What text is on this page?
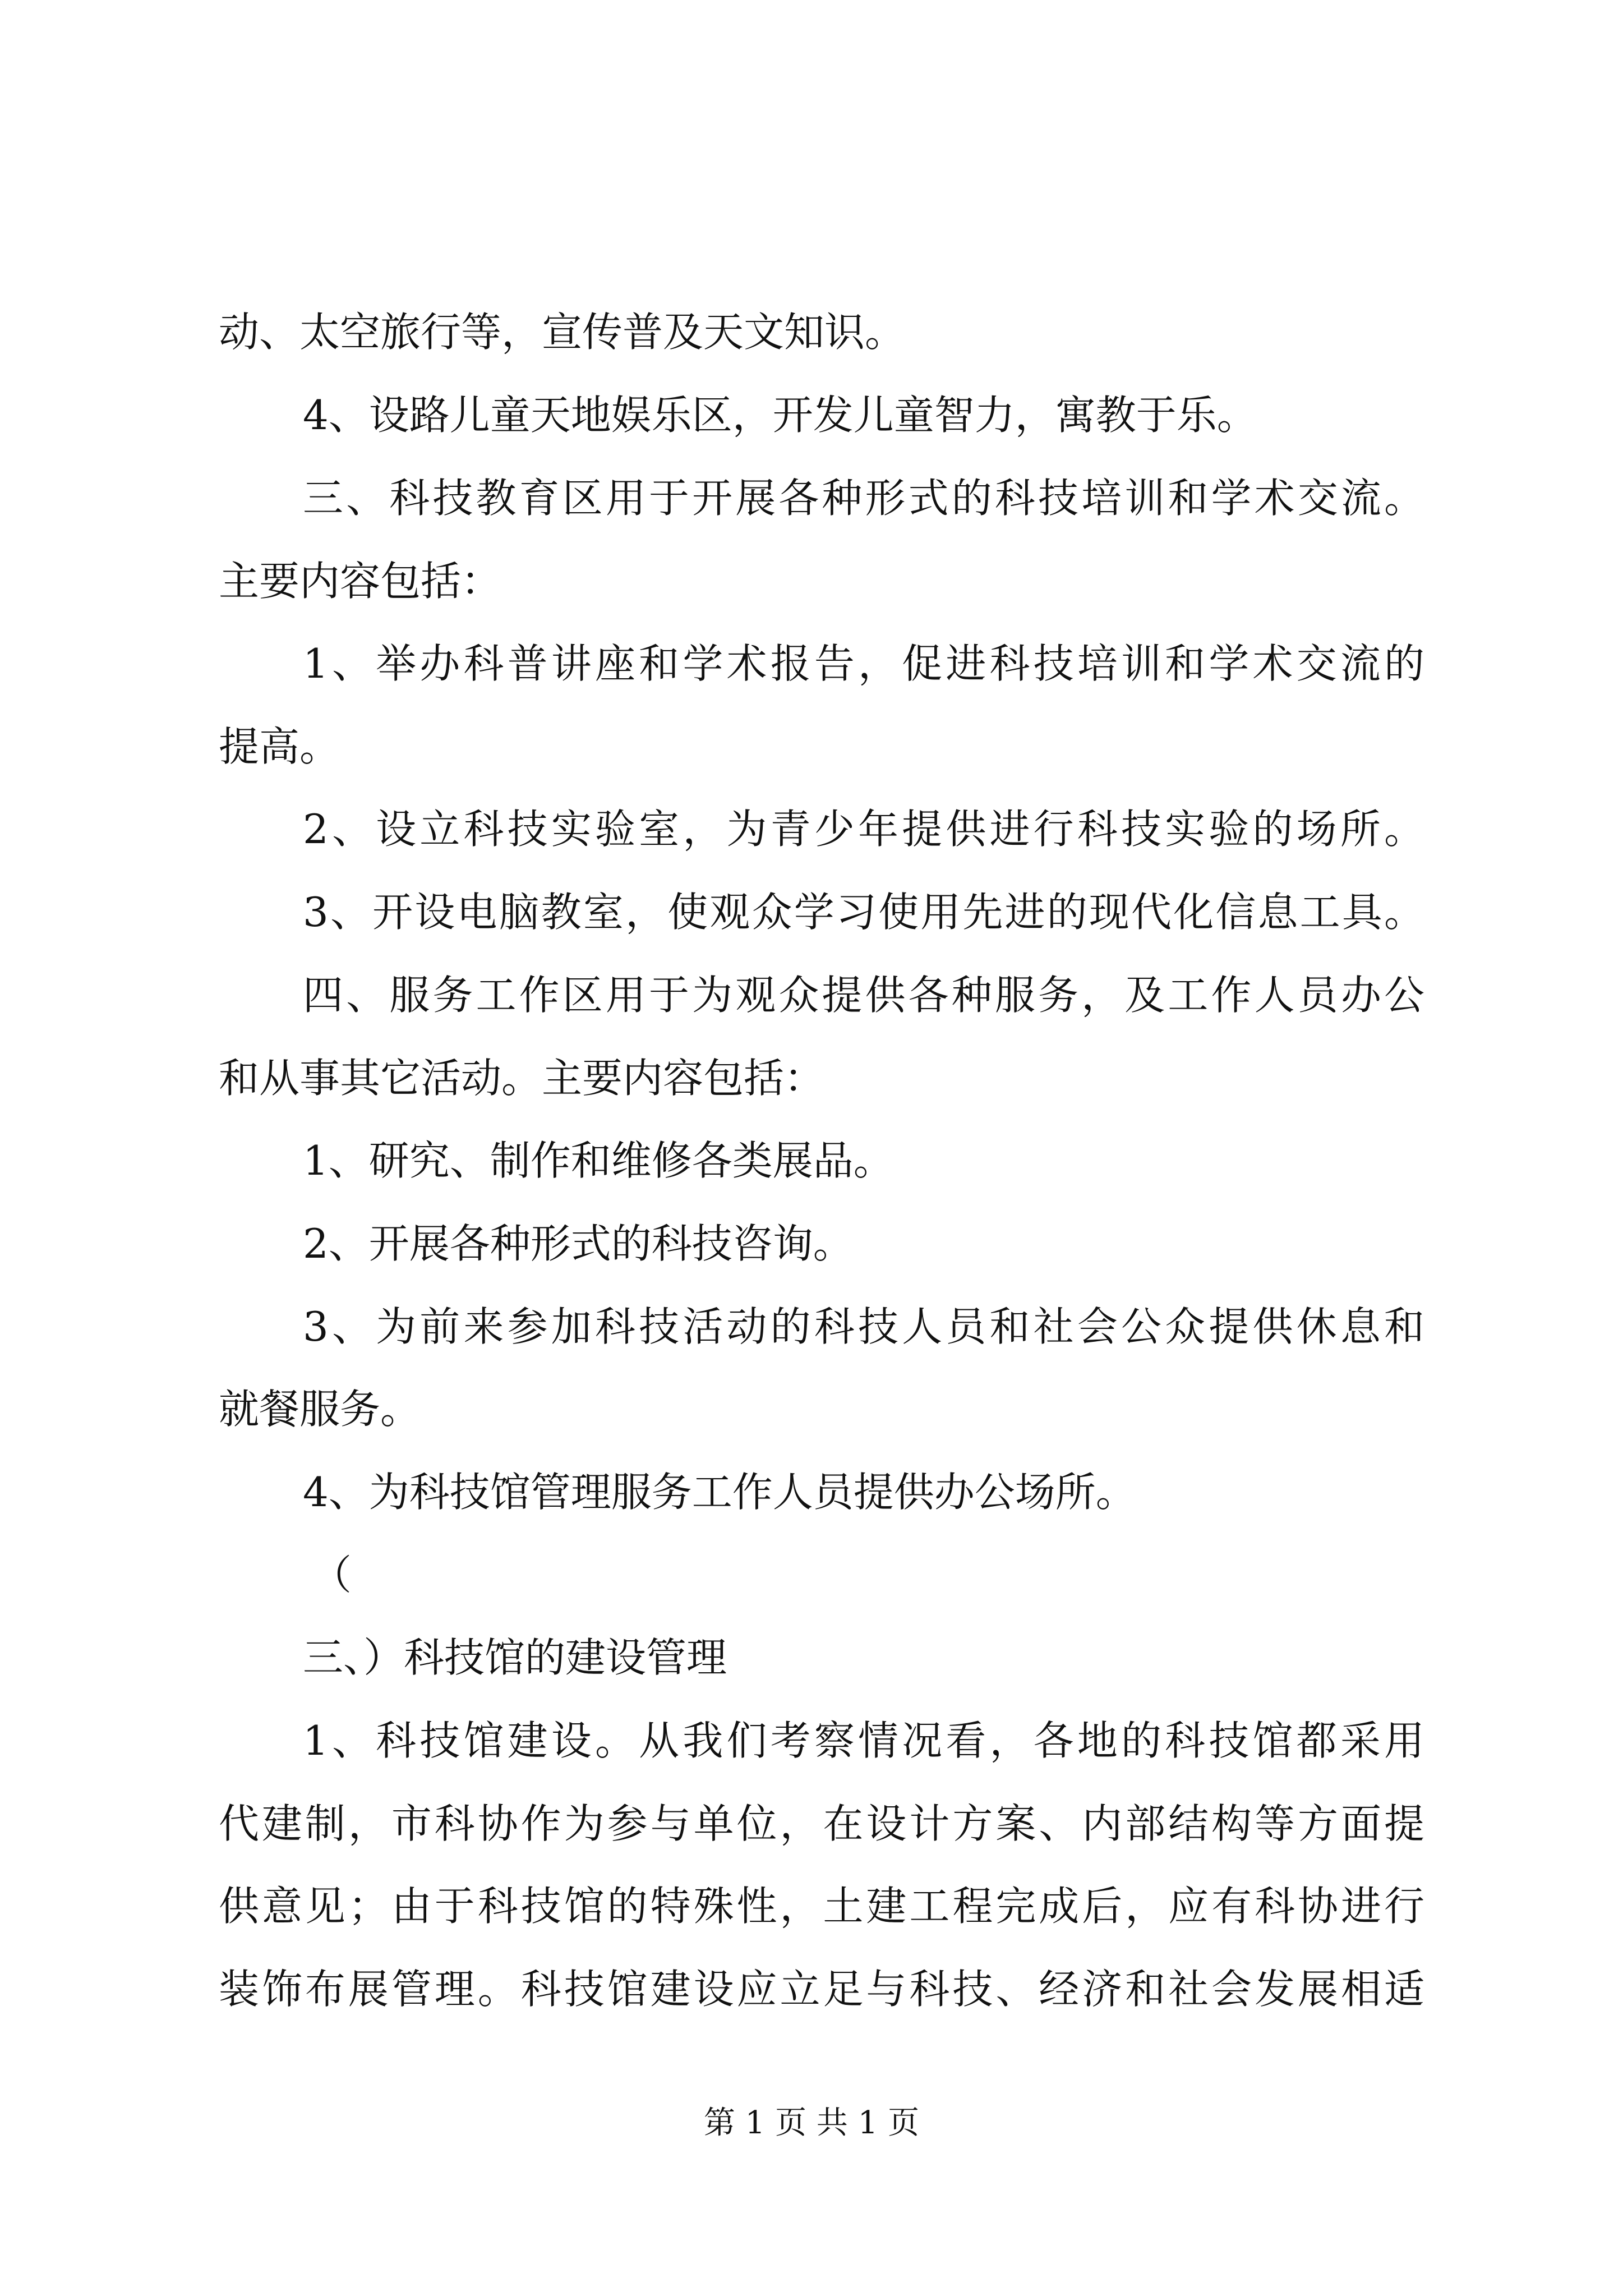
动、太空旅行等，宣传普及天文知识。
4、设路儿童天地娱乐区，开发儿童智力，寓教于乐。
三、科技教育区用于开展各种形式的科技培训和学术交流。
主要内容包括：
1、举办科普讲座和学术报告，促进科技培训和学术交流的
提高。
2、设立科技实验室，为青少年提供进行科技实验的场所。
3、开设电脑教室，使观众学习使用先进的现代化信息工具。
四、服务工作区用于为观众提供各种服务，及工作人员办公
和从事其它活动。主要内容包括：
1、研究、制作和维修各类展品。
2、开展各种形式的科技咨询。
3、为前来参加科技活动的科技人员和社会公众提供休息和
就餐服务。
4、为科技馆管理服务工作人员提供办公场所。
（
三、）科技馆的建设管理
1、科技馆建设。从我们考察情况看，各地的科技馆都采用
代建制，市科协作为参与单位，在设计方案、内部结构等方面提
供意见；由于科技馆的特殊性，土建工程完成后，应有科协进行
装饰布展管理。科技馆建设应立足与科技、经济和社会发展相适
第 1 页 共 1 页
